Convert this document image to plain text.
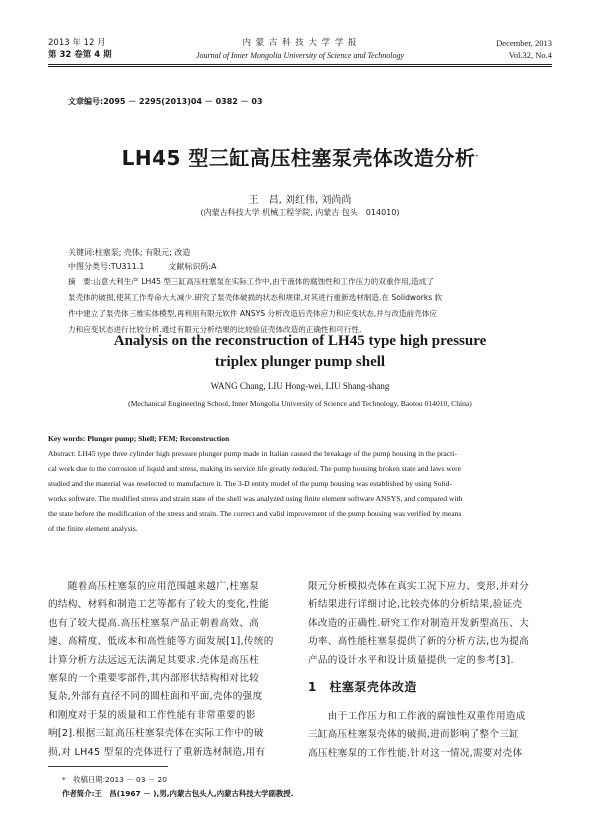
2013 年 12 月
第 32 卷第 4 期
内 蒙 古 科 技 大 学 学 报
Journal of Inner Mongolia University of Science and Technology
December, 2013
Vol.32, No.4
文章编号:2095 － 2295(2013)04 － 0382 － 03
LH45 型三缸高压柱塞泵壳体改造分析*
王　昌, 刘红伟, 刘尚尚
(内蒙古科技大学 机械工程学院, 内蒙古 包头　014010)
关键词:柱塞泵; 壳体; 有限元; 改造
中图分类号:TU311.1　　　文献标识码:A
摘　要:山意大利生产 LH45 型三缸高压柱塞泵在实际工作中,由于液体的腐蚀性和工作压力的双重作用,造成了
泵壳体的破损,使其工作寿命大大减少.研究了泵壳体破损的状态和规律,对其进行重新选材制造.在 Solidworks 软
件中建立了泵壳体三维实体模型,再利用有限元软件 ANSYS 分析改造后壳体应力和应变状态,并与改造前壳体应
力和应变状态进行比较分析.通过有限元分析结果的比较验证壳体改造的正确性和可行性.
Analysis on the reconstruction of LH45 type high pressure
triplex plunger pump shell
WANG Chang, LIU Hong-wei, LIU Shang-shang
(Mechanical Engineering School, Inner Mongolia University of Science and Technology, Baotou 014010, China)
Key words: Plunger pump; Shell; FEM; Reconstruction
Abstract: LH45 type three cylinder high pressure plunger pump made in Italian caused the breakage of the pump housing in the practi-
cal work due to the corrosion of liquid and stress, making its service life greatly reduced. The pump housing broken state and laws were
studied and the material was reselected to manufacture it. The 3-D entity model of the pump housing was established by using Solid-
works software. The modified stress and strain state of the shell was analyzed using finite element software ANSYS, and compared with
the state before the modification of the stress and strain. The correct and valid improvement of the pump housing was verified by means
of the finite element analysis.
　　随着高压柱塞泵的应用范围越来越广,柱塞泵
的结构、材料和制造工艺等都有了较大的变化,性能
也有了较大提高.高压柱塞泵产品正朝着高效、高
速、高精度、低成本和高性能等方面发展[1],传统的
计算分析方法远远无法满足其要求.壳体是高压柱
塞泵的一个重要零部件,其内部形状结构相对比较
复杂,外部有直径不同的圆柱面和平面,壳体的强度
和刚度对于泵的质量和工作性能有非常重要的影
响[2].根据三缸高压柱塞泵壳体在实际工作中的破
损,对 LH45 型泵的壳体进行了重新选材制造,用有
限元分析模拟壳体在真实工况下应力、变形,并对分
析结果进行详细讨论,比较壳体的分析结果,验证壳
体改造的正确性.研究工作对制造开发新型高压、大
功率、高性能柱塞泵提供了新的分析方法,也为提高
产品的设计水平和设计质量提供一定的参考[3].
1　柱塞泵壳体改造
　　由于工作压力和工作液的腐蚀性双重作用造成
三缸高压柱塞泵壳体的破损,进而影响了整个三缸
高压柱塞泵的工作性能.针对这一情况,需要对壳体
*　收稿日期:2013 － 03 － 20
作者简介:王　昌(1967 － ),男,内蒙古包头人,内蒙古科技大学副教授.
